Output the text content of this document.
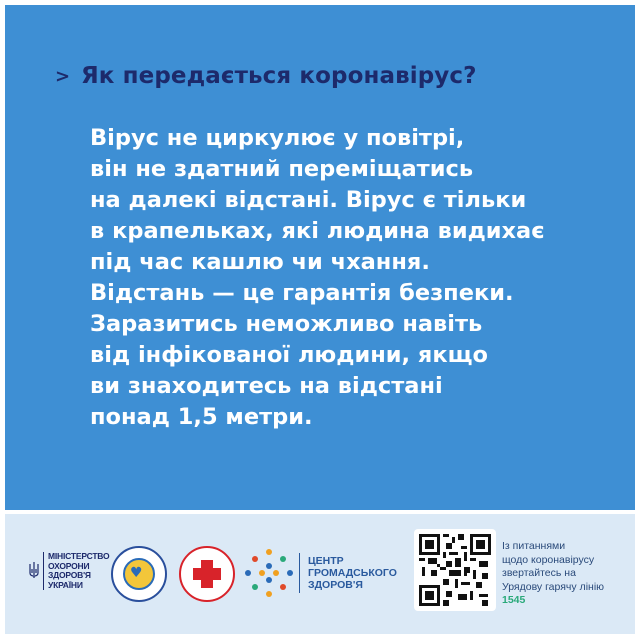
> Як передається коронавірус?
Вірус не циркулює у повітрі,
він не здатний переміщатись
на далекі відстані. Вірус є тільки
в крапельках, які людина видихає
під час кашлю чи чхання.
Відстань — це гарантія безпеки.
Заразитись неможливо навіть
від інфікованої людини, якщо
ви знаходитесь на відстані
понад 1,5 метри.
МІНІСТЕРСТВО
ОХОРОНИ
ЗДОРОВ'Я
УКРАЇНИ
♥
ЦЕНТР
ГРОМАДСЬКОГО
ЗДОРОВ'Я
Із питаннями
щодо коронавірусу
звертайтесь на
Урядову гарячу лінію
1545
